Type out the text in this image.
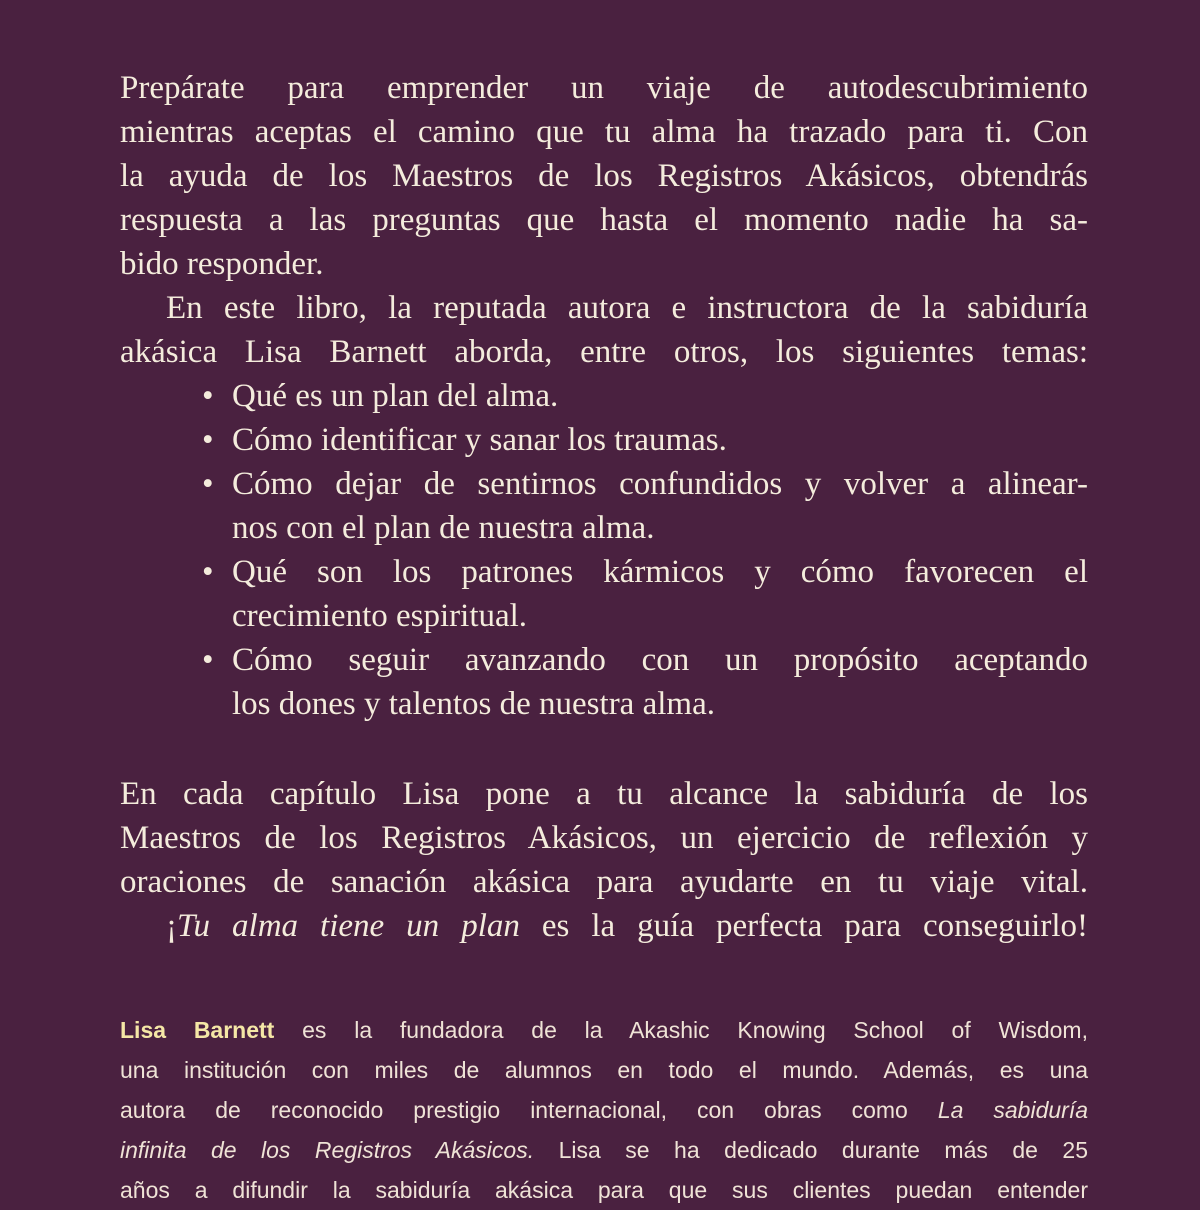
Prepárate para emprender un viaje de autodescubrimiento
mientras aceptas el camino que tu alma ha trazado para ti. Con
la ayuda de los Maestros de los Registros Akásicos, obtendrás
respuesta a las preguntas que hasta el momento nadie ha sa-
bido responder.
En este libro, la reputada autora e instructora de la sabiduría
akásica Lisa Barnett aborda, entre otros, los siguientes temas:
• Qué es un plan del alma.
• Cómo identificar y sanar los traumas.
• Cómo dejar de sentirnos confundidos y volver a alinear-
nos con el plan de nuestra alma.
• Qué son los patrones kármicos y cómo favorecen el
crecimiento espiritual.
• Cómo seguir avanzando con un propósito aceptando
los dones y talentos de nuestra alma.
En cada capítulo Lisa pone a tu alcance la sabiduría de los
Maestros de los Registros Akásicos, un ejercicio de reflexión y
oraciones de sanación akásica para ayudarte en tu viaje vital.
¡Tu alma tiene un plan es la guía perfecta para conseguirlo!
Lisa Barnett es la fundadora de la Akashic Knowing School of Wisdom,
una institución con miles de alumnos en todo el mundo. Además, es una
autora de reconocido prestigio internacional, con obras como La sabiduría
infinita de los Registros Akásicos. Lisa se ha dedicado durante más de 25
años a difundir la sabiduría akásica para que sus clientes puedan entender
